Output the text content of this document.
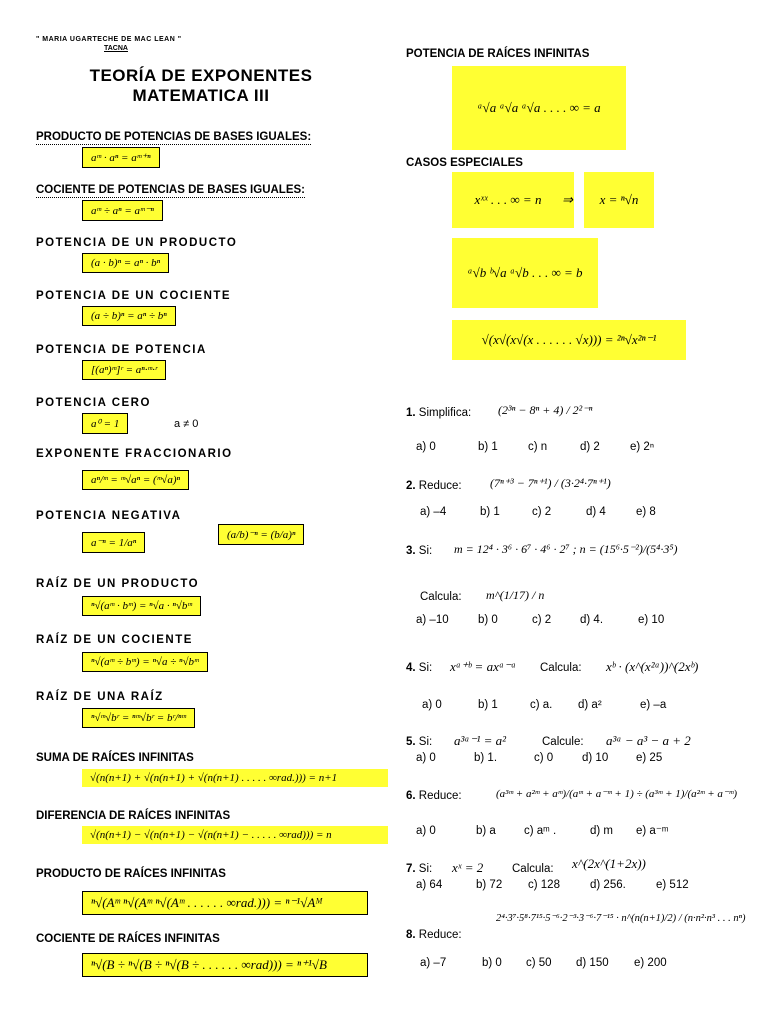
" MARIA UGARTECHE DE MAC LEAN "
TACNA
TEORÍA DE EXPONENTES
MATEMATICA III
PRODUCTO DE POTENCIAS DE BASES IGUALES:
aᵐ · aⁿ = aᵐ⁺ⁿ
COCIENTE DE POTENCIAS DE BASES IGUALES:
aᵐ ÷ aⁿ = aᵐ⁻ⁿ
POTENCIA DE UN PRODUCTO
(a · b)ⁿ = aⁿ · bⁿ
POTENCIA DE UN COCIENTE
(a ÷ b)ⁿ = aⁿ ÷ bⁿ
POTENCIA DE POTENCIA
[(aⁿ)ᵐ]ʳ = aⁿ·ᵐ·ʳ
POTENCIA CERO
a⁰ = 1	a ≠ 0
EXPONENTE FRACCIONARIO
aⁿ/ᵐ = ᵐ√aⁿ = (ᵐ√a)ⁿ
POTENCIA NEGATIVA
a⁻ⁿ = 1/aⁿ
(a/b)⁻ⁿ = (b/a)ⁿ
RAÍZ DE UN PRODUCTO
ⁿ√(aᵐ · bᵐ) = ⁿ√a · ⁿ√bᵐ
RAÍZ DE UN COCIENTE
ⁿ√(aᵐ ÷ bᵐ) = ⁿ√a ÷ ⁿ√bᵐ
RAÍZ DE UNA RAÍZ
ⁿ√ᵐ√bʳ = ⁿᵐ√bʳ = bʳ/ⁿᵐ
SUMA DE RAÍCES INFINITAS
√(n(n+1) + √(n(n+1) + √(n(n+1) . . . . . ∞rad.))) = n+1
DIFERENCIA DE RAÍCES INFINITAS
√(n(n+1) − √(n(n+1) − √(n(n+1) − . . . . . ∞rad))) = n
PRODUCTO DE RAÍCES INFINITAS
ⁿ√(Aᵐ ⁿ√(Aᵐ ⁿ√(Aᵐ . . . . . . ∞rad.))) = ⁿ⁻¹√Aᴹ
COCIENTE DE RAÍCES INFINITAS
ⁿ√(B ÷ ⁿ√(B ÷ ⁿ√(B ÷ . . . . . . ∞rad))) = ⁿ⁺¹√B
POTENCIA DE RAÍCES INFINITAS
ᵃ√a ᵃ√a ᵃ√a . . . . ∞ = a
CASOS ESPECIALES
xˣˣ . . . ∞ = n	⇒	x = ⁿ√n
ᵃ√b ᵇ√a ᵃ√b . . . ∞ = b
√(x√(x√(x . . . . . . √x))) = ²ⁿ√x²ⁿ⁻¹
1. Simplifica: (2³ⁿ − 8ⁿ + 4) / 2²⁻ⁿ
a) 0	b) 1	c) n	d) 2	e) 2ⁿ
2. Reduce: (7ⁿ⁺³ − 7ⁿ⁺¹) / (3·2⁴·7ⁿ⁺¹)
a) –4	b) 1	c) 2	d) 4	e) 8
3. Si: m = 12⁴ · 3⁶ · 6⁷ · 4⁶ · 2⁷ ; n = (15⁶·5⁻²)/(5⁴·3⁵)
Calcula: m^(1/17) / n
a) –10	b) 0	c) 2	d) 4.	e) 10
4. Si: xᵃ⁺ᵇ = axᵃ⁻ᵃ Calcula: xᵇ · (x^(x²ᵃ))^(2xᵇ)
a) 0	b) 1	c) a. d) a²	e) –a
5. Si: a³ᵃ⁻¹ = a²	Calcule: a³ᵃ − a³ − a + 2
a) 0	b) 1.	c) 0	d) 10 e) 25
6. Reduce:	(a³ᵐ + a²ᵐ + aᵐ)/(aᵐ + a⁻ᵐ + 1) ÷ (a³ᵐ + 1)/(a²ᵐ + a⁻ᵐ)
a) 0	b) a c) aᵐ .	d) m e) a⁻ᵐ
7. Si: xˣ = 2	Calcula: x^(2x^(1+2x))
a) 64	b) 72 c) 128	d) 256.	e) 512
8. Reduce:
2⁴·3⁷·5⁸·7¹⁵·5⁻⁶·2⁻³·3⁻⁶·7⁻¹⁵ · n^(n(n+1)/2) / (n·n²·n³ . . . nⁿ)
a) –7	b) 0 c) 50 d) 150 e) 200
